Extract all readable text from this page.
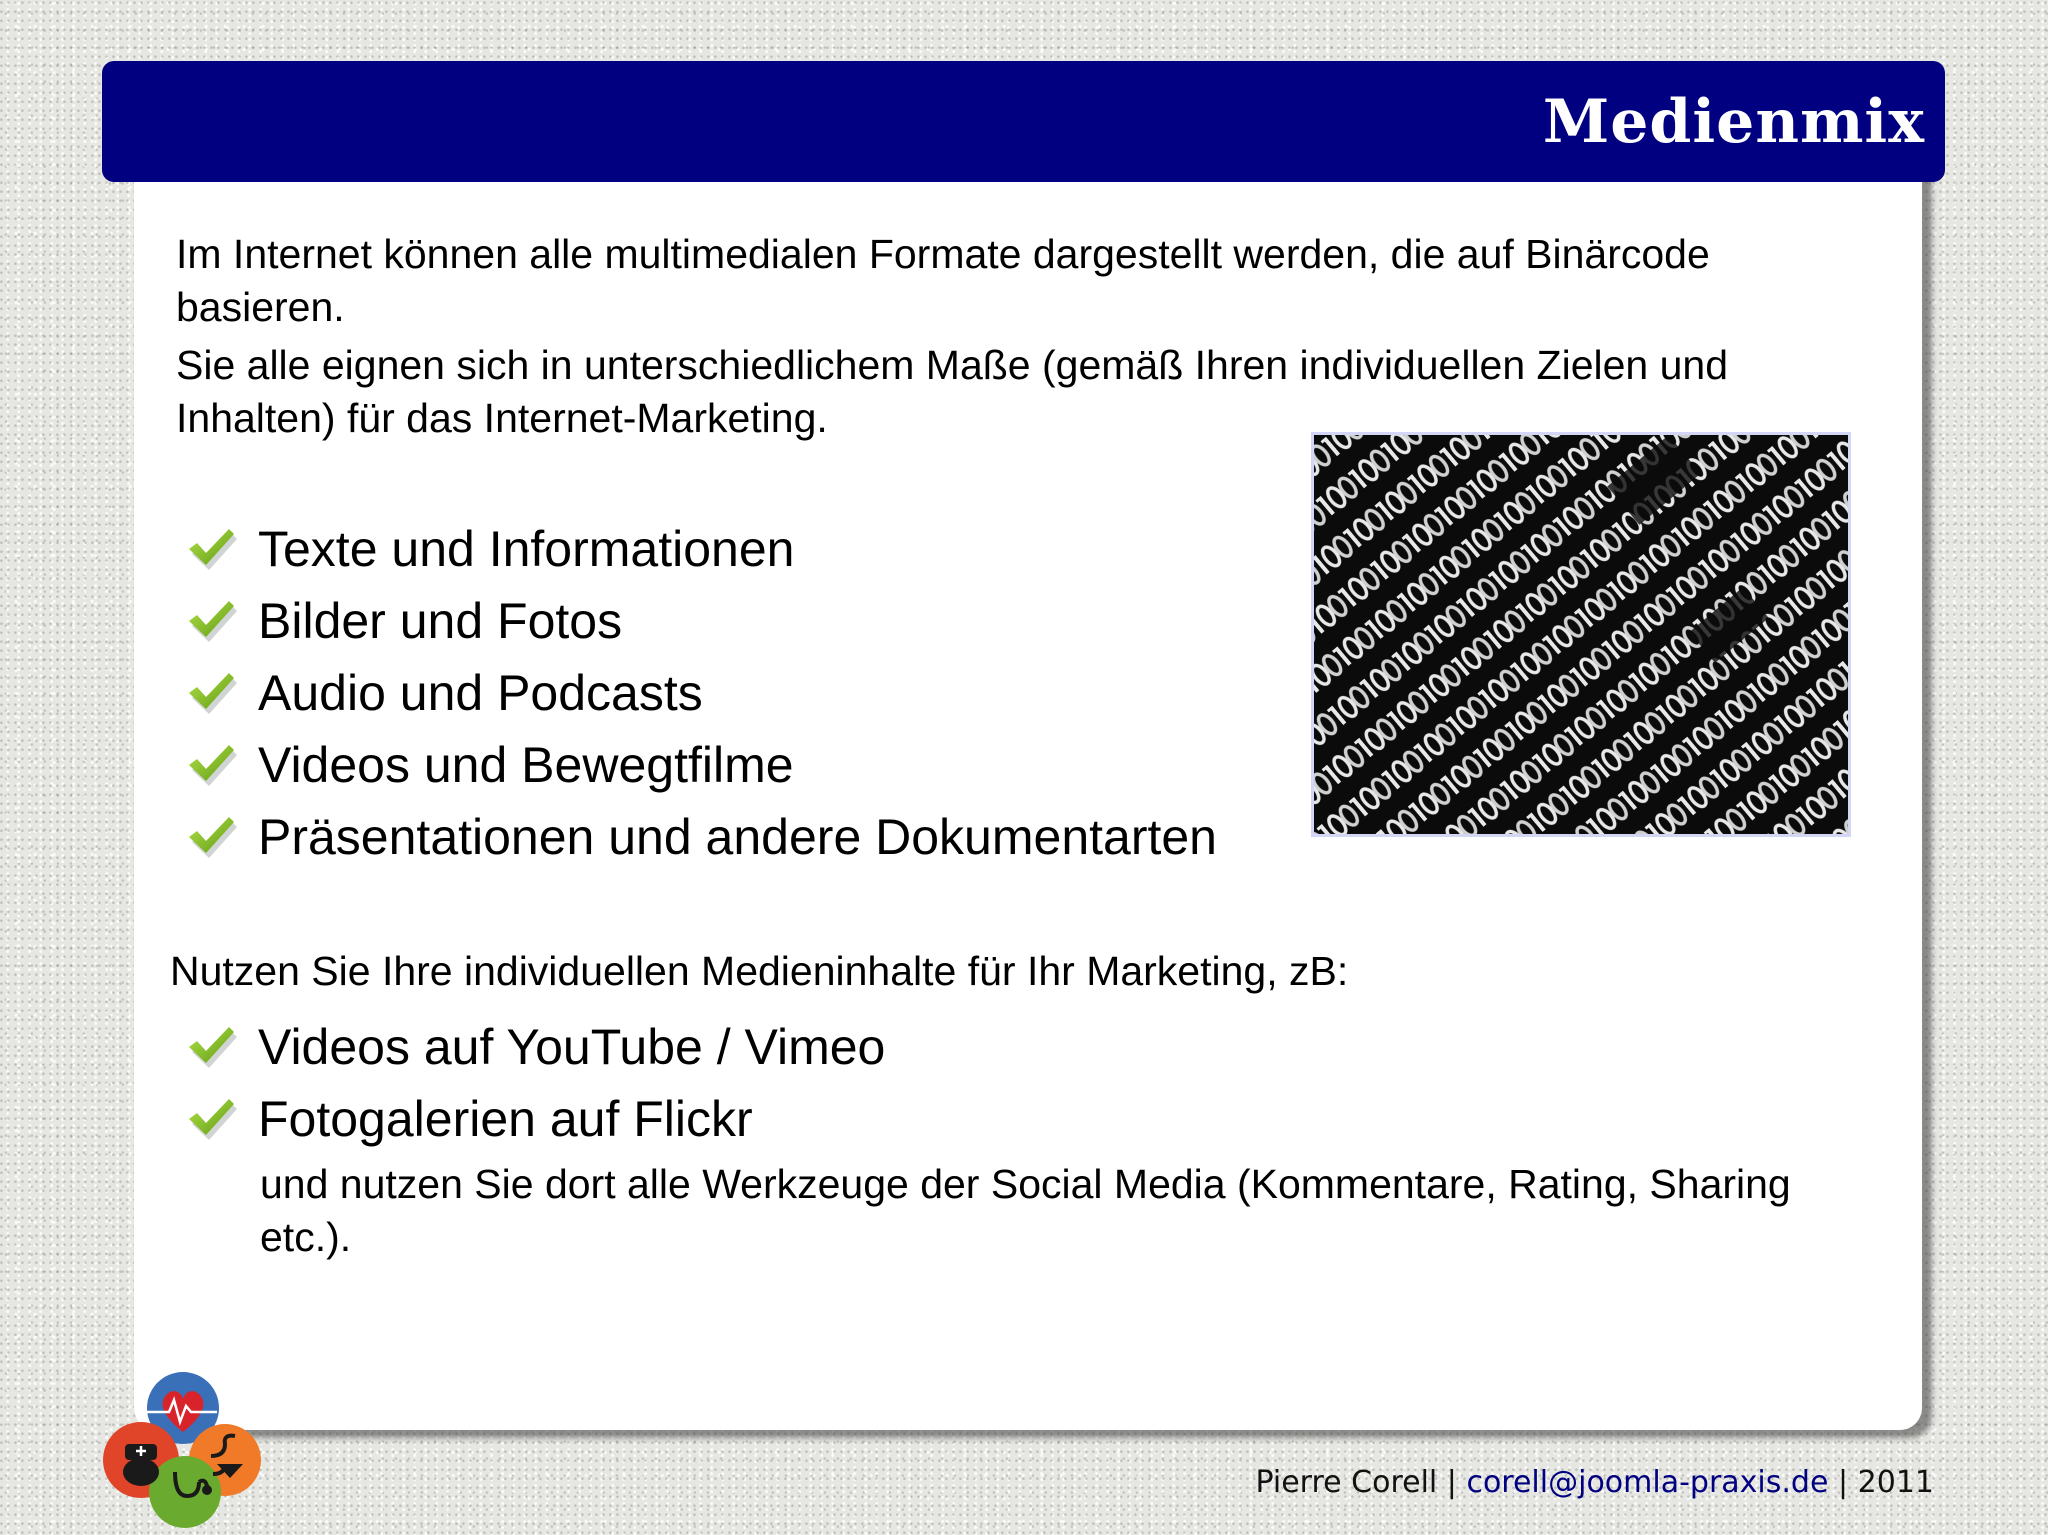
Medienmix

Im Internet können alle multimedialen Formate dargestellt werden, die auf Binärcode basieren.

Sie alle eignen sich in unterschiedlichem Maße (gemäß Ihren individuellen Zielen und Inhalten) für das Internet-Marketing.

Texte und Informationen
Bilder und Fotos
Audio und Podcasts
Videos und Bewegtfilme
Präsentationen und andere Dokumentarten

Nutzen Sie Ihre individuellen Medieninhalte für Ihr Marketing, zB:

Videos auf YouTube / Vimeo
Fotogalerien auf Flickr

und nutzen Sie dort alle Werkzeuge der Social Media (Kommentare, Rating, Sharing etc.).

Pierre Corell | corell@joomla-praxis.de | 2011
